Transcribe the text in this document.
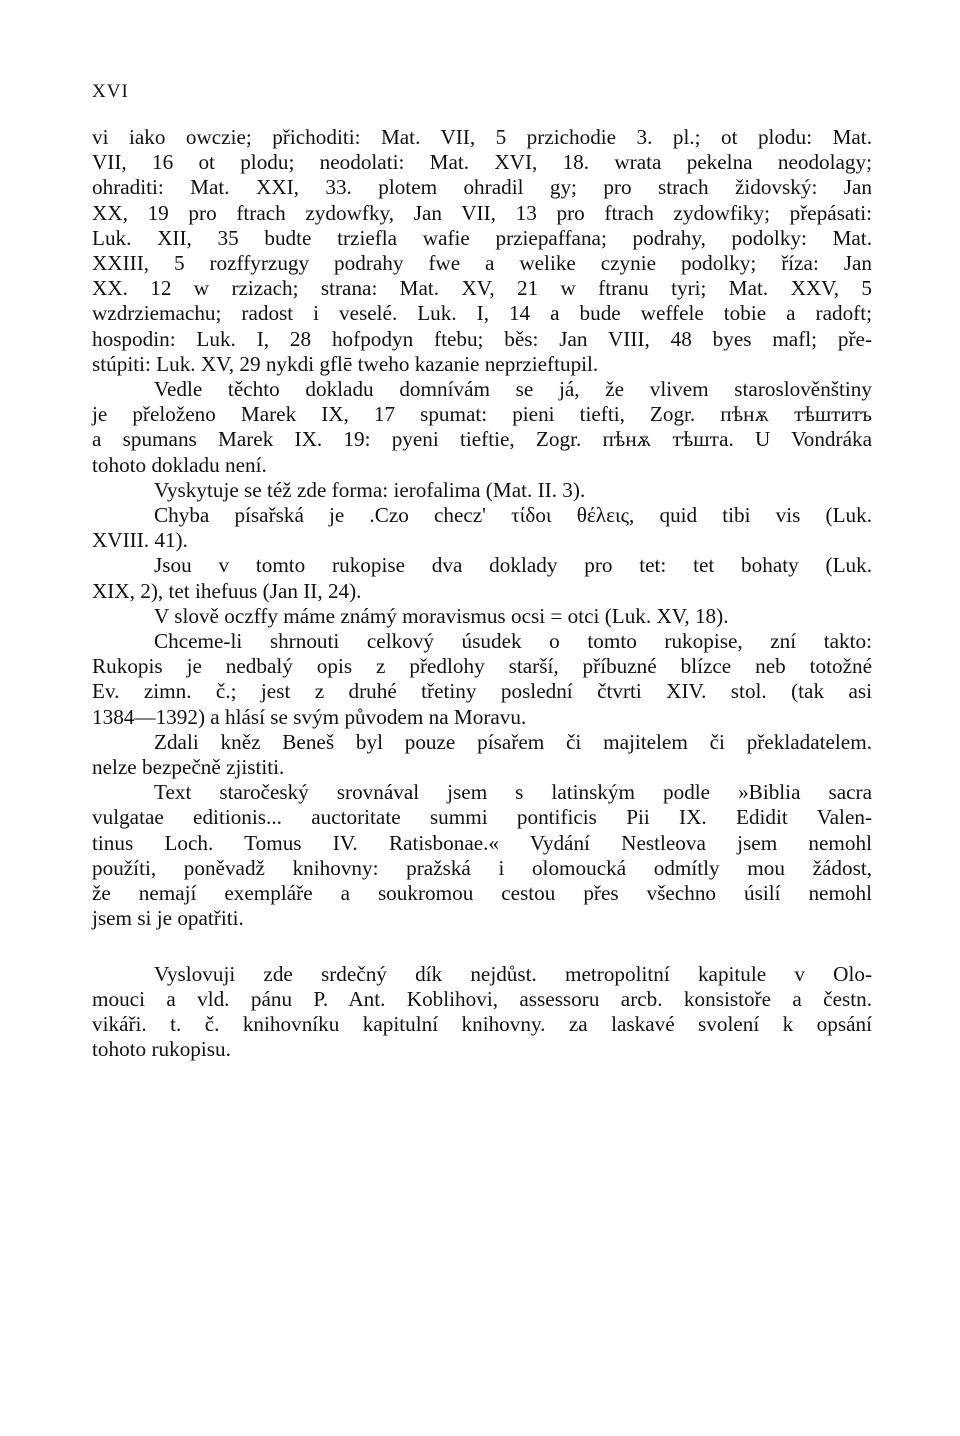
XVI
vi iako owczie; přichoditi: Mat. VII, 5 przichodie 3. pl.; ot plodu: Mat.
VII, 16 ot plodu; neodolati: Mat. XVI, 18. wrata pekelna neodolagy;
ohraditi: Mat. XXI, 33. plotem ohradil gy; pro strach židovský: Jan
XX, 19 pro ftrach zydowfky, Jan VII, 13 pro ftrach zydowfiky; přepásati:
Luk. XII, 35 budte trziefla wafie prziepaffana; podrahy, podolky: Mat.
XXIII, 5 rozffyrzugy podrahy fwe a welike czynie podolky; říza: Jan
XX. 12 w rzizach; strana: Mat. XV, 21 w ftranu tyri; Mat. XXV, 5
wzdrziemachu; radost i veselé. Luk. I, 14 a bude weffele tobie a radoft;
hospodin: Luk. I, 28 hofpodyn ftebu; běs: Jan VIII, 48 byes mafl; pře-
stúpiti: Luk. XV, 29 nykdi gflē tweho kazanie neprzieftupil.
Vedle těchto dokladu domnívám se já, že vlivem staroslověnštiny
je přeloženo Marek IX, 17 spumat: pieni tiefti, Zogr. пѣнѫ тѣштитъ
a spumans Marek IX. 19: pyeni tieftie, Zogr. пѣнѫ тѣшта. U Vondráka
tohoto dokladu není.
Vyskytuje se též zde forma: ierofalima (Mat. II. 3).
Chyba písařská je .Czo checz' τίδοι θέλεις, quid tibi vis (Luk.
XVIII. 41).
Jsou v tomto rukopise dva doklady pro tet: tet bohaty (Luk.
XIX, 2), tet ihefuus (Jan II, 24).
V slově oczffy máme známý moravismus ocsi = otci (Luk. XV, 18).
Chceme-li shrnouti celkový úsudek o tomto rukopise, zní takto:
Rukopis je nedbalý opis z předlohy starší, příbuzné blízce neb totožné
Ev. zimn. č.; jest z druhé třetiny poslední čtvrti XIV. stol. (tak asi
1384—1392) a hlásí se svým původem na Moravu.
Zdali kněz Beneš byl pouze písařem či majitelem či překladatelem.
nelze bezpečně zjistiti.
Text staročeský srovnával jsem s latinským podle »Biblia sacra
vulgatae editionis... auctoritate summi pontificis Pii IX. Edidit Valen-
tinus Loch. Tomus IV. Ratisbonae.« Vydání Nestleova jsem nemohl
použíti, poněvadž knihovny: pražská i olomoucká odmítly mou žádost,
že nemají exempláře a soukromou cestou přes všechno úsilí nemohl
jsem si je opatřiti.
Vyslovuji zde srdečný dík nejdůst. metropolitní kapitule v Olo-
mouci a vld. pánu P. Ant. Koblihovi, assessoru arcb. konsistoře a čestn.
vikáři. t. č. knihovníku kapitulní knihovny. za laskavé svolení k opsání
tohoto rukopisu.
